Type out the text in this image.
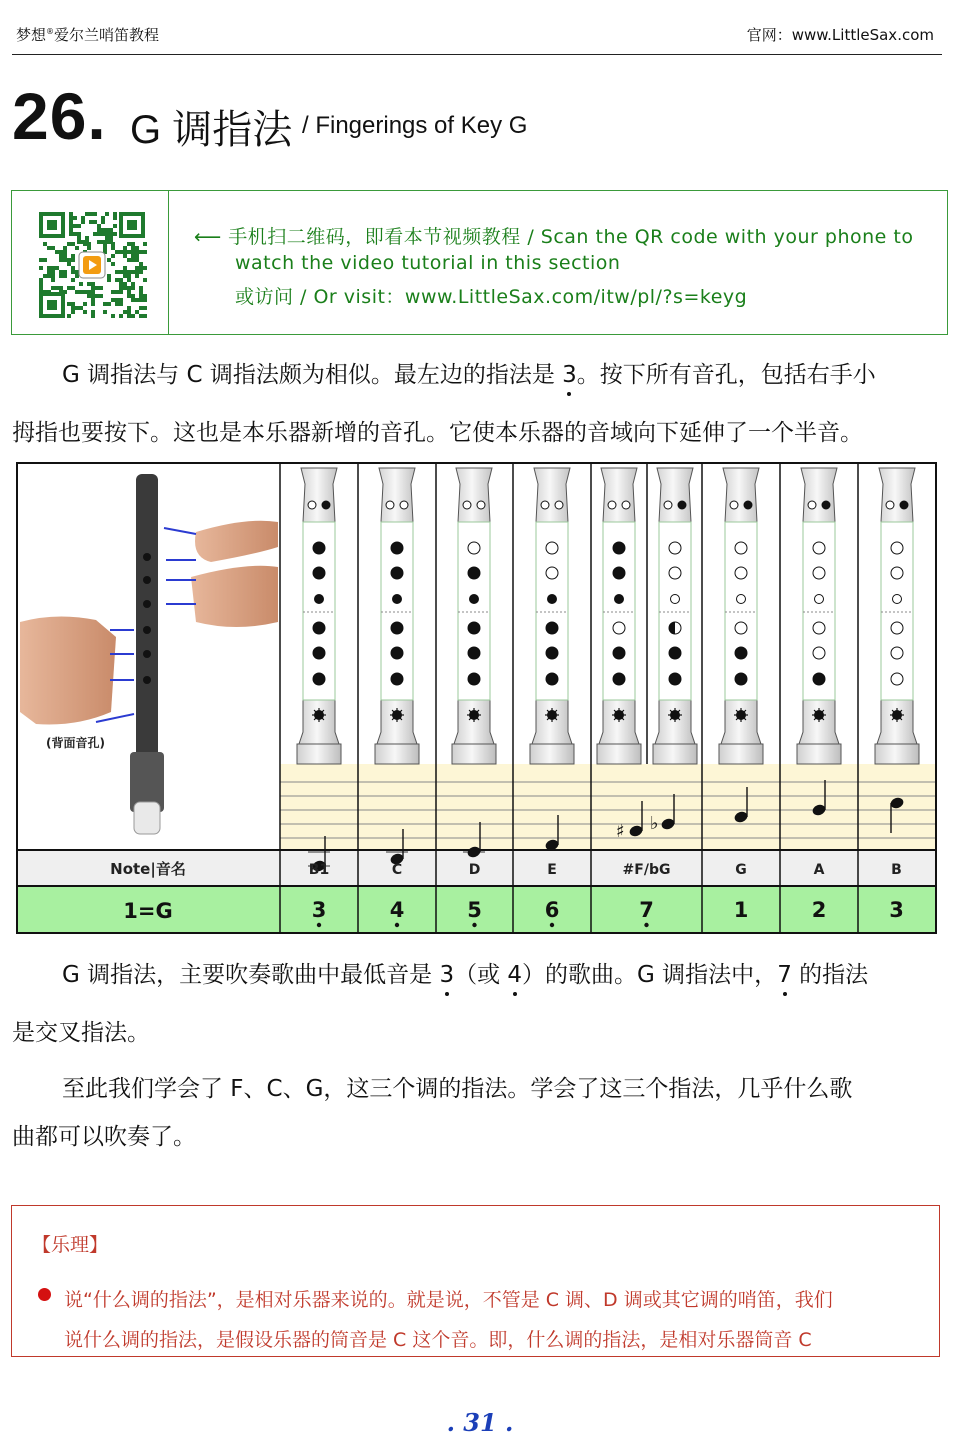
梦想®爱尔兰哨笛教程	官网：www.LittleSax.com
26. G 调指法 / Fingerings of Key G
⟵ 手机扫二维码，即看本节视频教程 / Scan the QR code with your phone to
watch the video tutorial in this section
或访问 / Or visit：www.LittleSax.com/itw/pl/?s=keyg
G 调指法与 C 调指法颇为相似。最左边的指法是 3。按下所有音孔，包括右手小
拇指也要按下。这也是本乐器新增的音孔。它使本乐器的音域向下延伸了一个半音。
(背面音孔)
♯ ♭
Note|音名
1=G
B1
3
C
4
D
5
E
6
#F/bG
7
G
1
A
2
B
3
G 调指法，主要吹奏歌曲中最低音是 3（或 4）的歌曲。G 调指法中，7 的指法
是交叉指法。
至此我们学会了 F、C、G，这三个调的指法。学会了这三个指法，几乎什么歌
曲都可以吹奏了。
【乐理】
说“什么调的指法”，是相对乐器来说的。就是说，不管是 C 调、D 调或其它调的哨笛，我们
说什么调的指法，是假设乐器的筒音是 C 这个音。即，什么调的指法，是相对乐器筒音 C
. 31 .
